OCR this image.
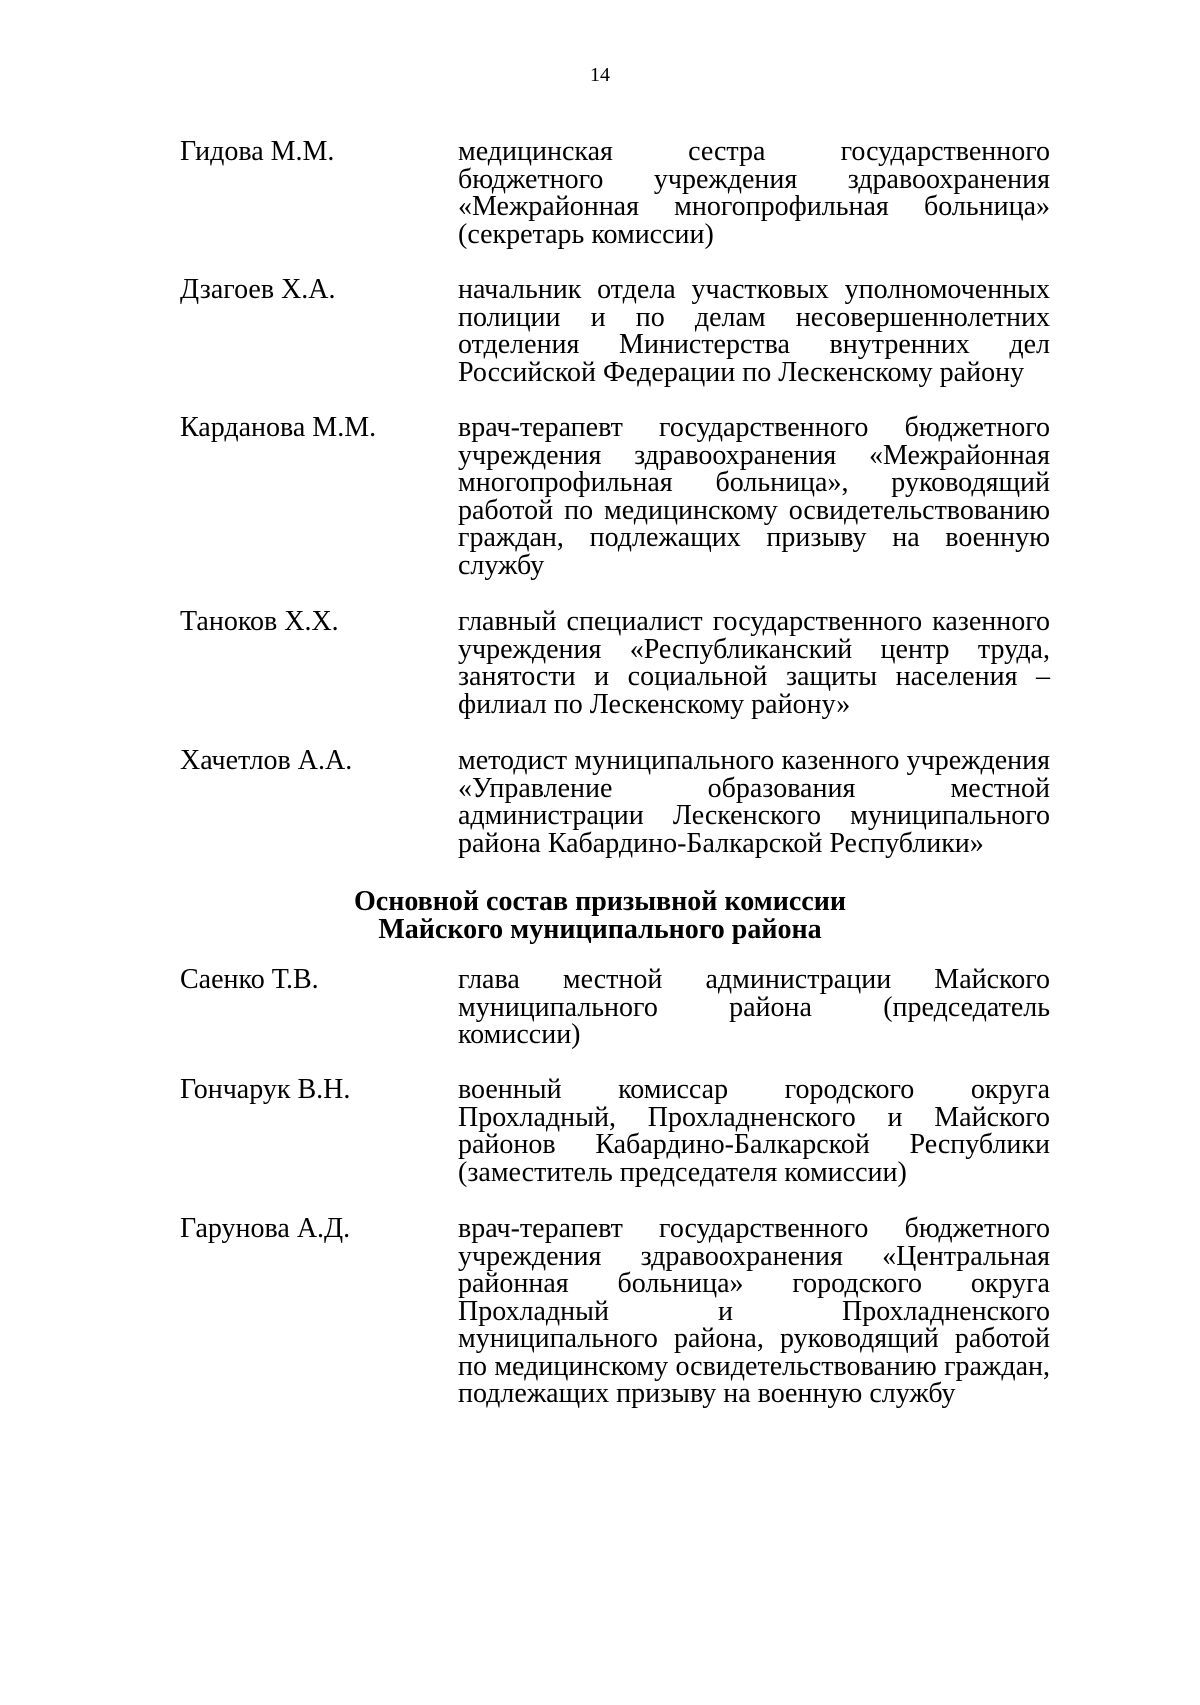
14
Гидова М.М.	медицинская сестра государственного бюджетного учреждения здравоохранения «Межрайонная многопрофильная больница» (секретарь комиссии)
Дзагоев Х.А.	начальник отдела участковых уполномоченных полиции и по делам несовершеннолетних отделения Министерства внутренних дел Российской Федерации по Лескенскому району
Карданова М.М.	врач-терапевт государственного бюджетного учреждения здравоохранения «Межрайонная многопрофильная больница», руководящий работой по медицинскому освидетельствованию граждан, подлежащих призыву на военную службу
Таноков Х.Х.	главный специалист государственного казенного учреждения «Республиканский центр труда, занятости и социальной защиты населения – филиал по Лескенскому району»
Хачетлов А.А.	методист муниципального казенного учреждения «Управление образования местной администрации Лескенского муниципального района Кабардино-Балкарской Республики»
Основной состав призывной комиссии
Майского муниципального района
Саенко Т.В.	глава местной администрации Майского муниципального района (председатель комиссии)
Гончарук В.Н.	военный комиссар городского округа Прохладный, Прохладненского и Майского районов Кабардино-Балкарской Республики (заместитель председателя комиссии)
Гарунова А.Д.	врач-терапевт государственного бюджетного учреждения здравоохранения «Центральная районная больница» городского округа Прохладный и Прохладненского муниципального района, руководящий работой по медицинскому освидетельствованию граждан, подлежащих призыву на военную службу
